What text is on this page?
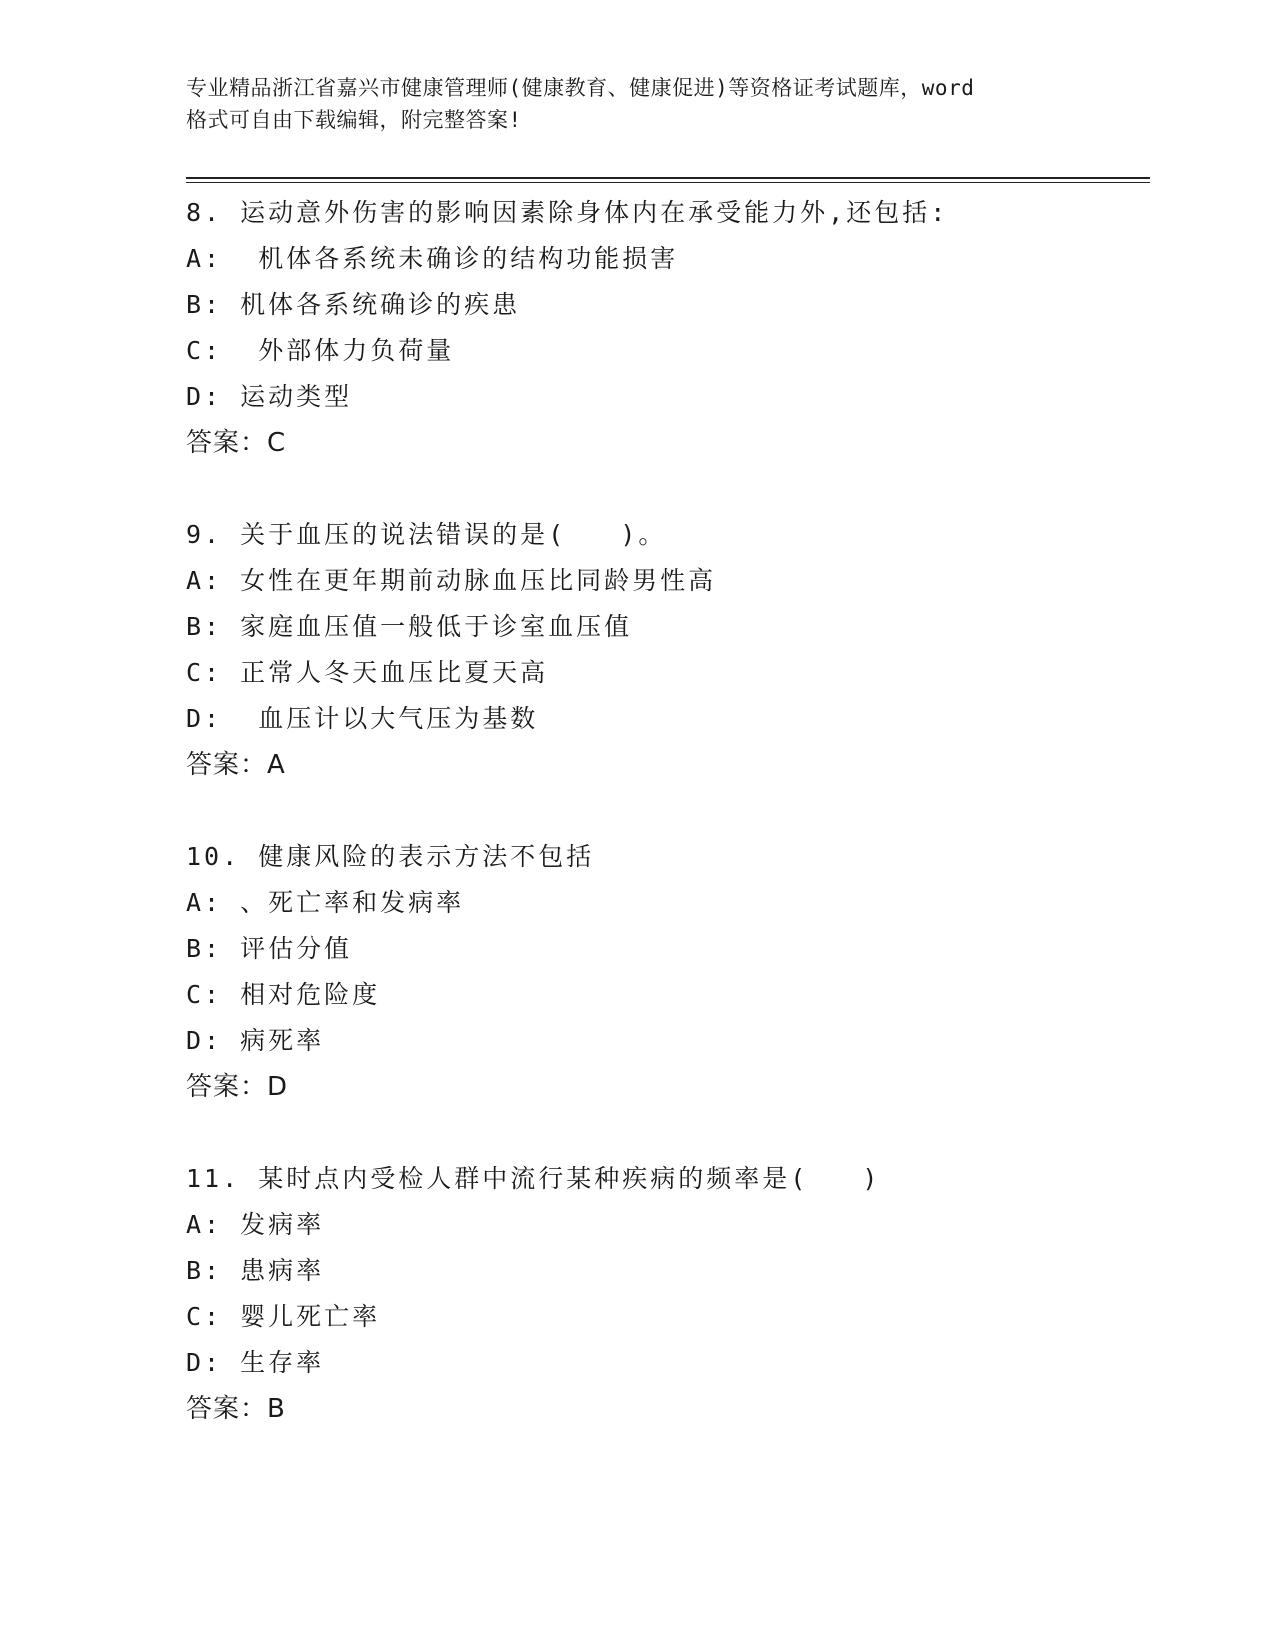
专业精品浙江省嘉兴市健康管理师(健康教育、健康促进)等资格证考试题库，word
格式可自由下载编辑，附完整答案!
8. 运动意外伤害的影响因素除身体内在承受能力外,还包括:
A:  机体各系统未确诊的结构功能损害
B: 机体各系统确诊的疾患
C:  外部体力负荷量
D: 运动类型
答案：C
9. 关于血压的说法错误的是(   )。
A: 女性在更年期前动脉血压比同龄男性高
B: 家庭血压值一般低于诊室血压值
C: 正常人冬天血压比夏天高
D:  血压计以大气压为基数
答案：A
10. 健康风险的表示方法不包括
A: 、死亡率和发病率
B: 评估分值
C: 相对危险度
D: 病死率
答案：D
11. 某时点内受检人群中流行某种疾病的频率是(   )
A: 发病率
B: 患病率
C: 婴儿死亡率
D: 生存率
答案：B
